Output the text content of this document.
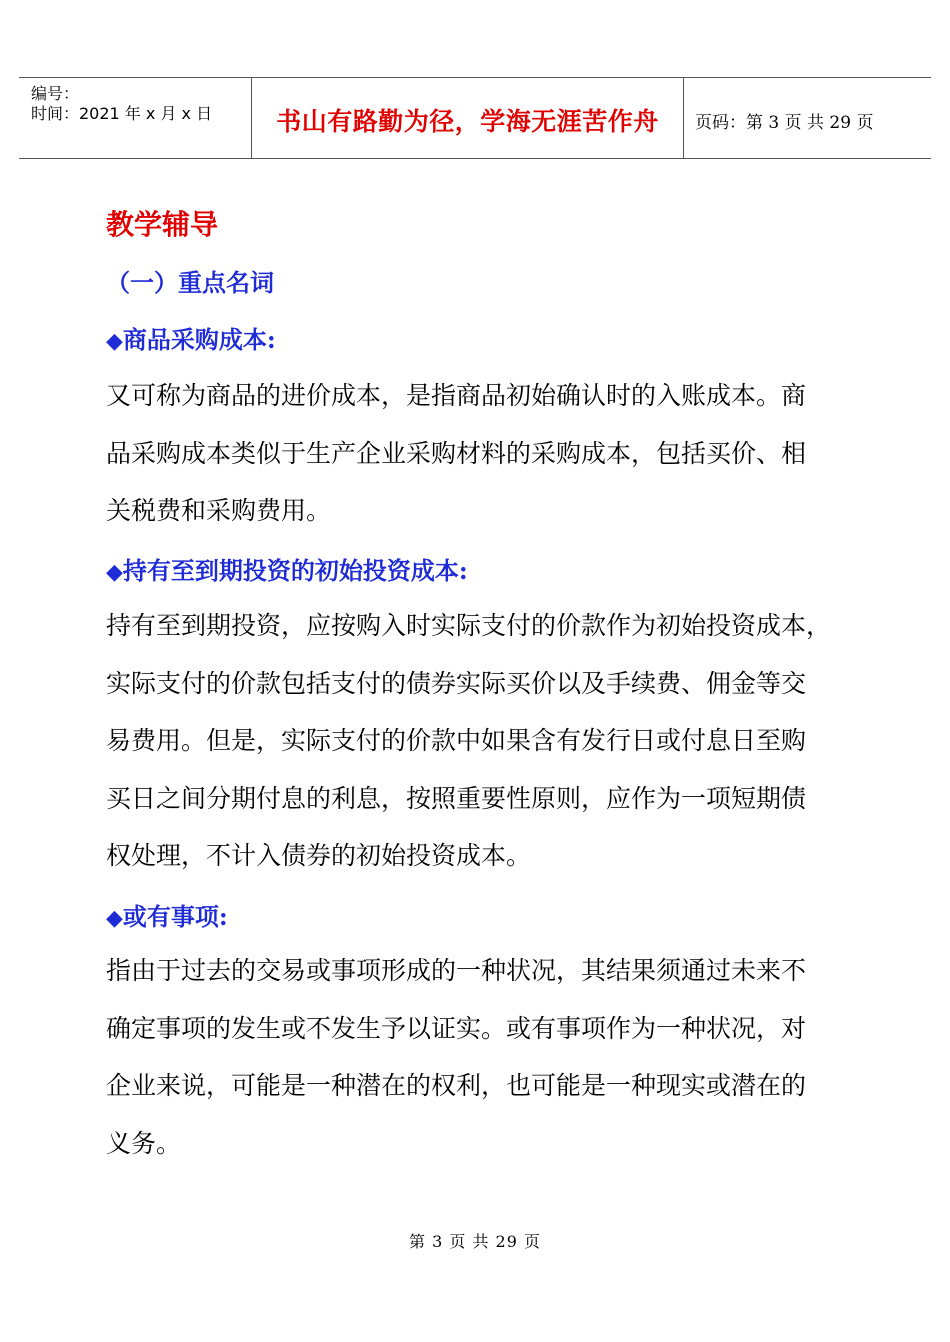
编号：
时间：2021 年 x 月 x 日	书山有路勤为径，学海无涯苦作舟	页码：第 3 页 共 29 页
教学辅导
（一）重点名词
◆商品采购成本:
又可称为商品的进价成本，是指商品初始确认时的入账成本。商
品采购成本类似于生产企业采购材料的采购成本，包括买价、相
关税费和采购费用。
◆持有至到期投资的初始投资成本:
持有至到期投资，应按购入时实际支付的价款作为初始投资成本，
实际支付的价款包括支付的债券实际买价以及手续费、佣金等交
易费用。但是，实际支付的价款中如果含有发行日或付息日至购
买日之间分期付息的利息，按照重要性原则，应作为一项短期债
权处理，不计入债券的初始投资成本。
◆或有事项:
指由于过去的交易或事项形成的一种状况，其结果须通过未来不
确定事项的发生或不发生予以证实。或有事项作为一种状况，对
企业来说，可能是一种潜在的权利，也可能是一种现实或潜在的
义务。
第 3 页 共 29 页
